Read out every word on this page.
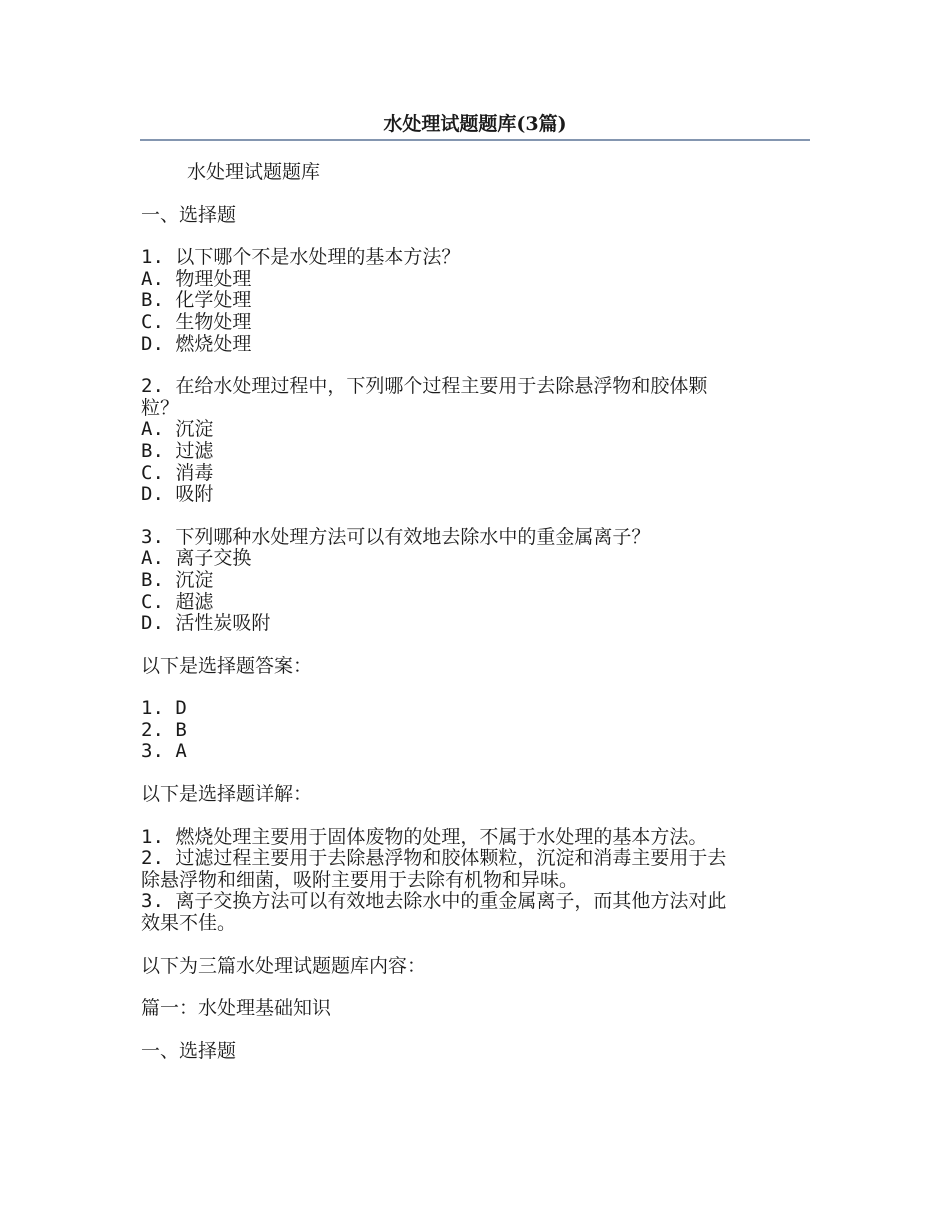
水处理试题题库(3篇)

水处理试题题库

一、选择题

1. 以下哪个不是水处理的基本方法？

A. 物理处理

B. 化学处理

C. 生物处理

D. 燃烧处理

2. 在给水处理过程中，下列哪个过程主要用于去除悬浮物和胶体颗

粒？

A. 沉淀

B. 过滤

C. 消毒

D. 吸附

3. 下列哪种水处理方法可以有效地去除水中的重金属离子？

A. 离子交换

B. 沉淀

C. 超滤

D. 活性炭吸附

以下是选择题答案：

1. D

2. B

3. A

以下是选择题详解：

1. 燃烧处理主要用于固体废物的处理，不属于水处理的基本方法。

2. 过滤过程主要用于去除悬浮物和胶体颗粒，沉淀和消毒主要用于去

除悬浮物和细菌，吸附主要用于去除有机物和异味。

3. 离子交换方法可以有效地去除水中的重金属离子，而其他方法对此

效果不佳。

以下为三篇水处理试题题库内容：

篇一：水处理基础知识

一、选择题
